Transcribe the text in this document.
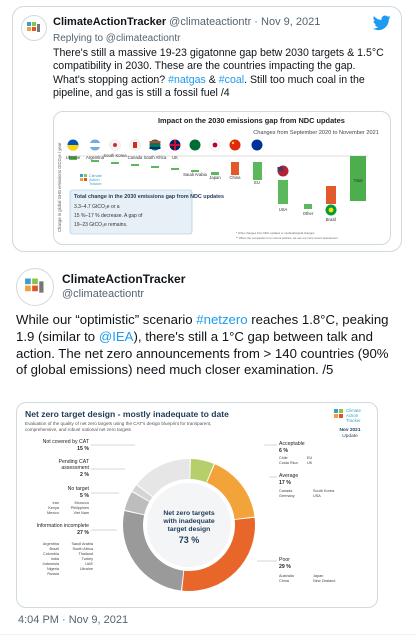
ClimateActionTracker @climateactiontr · Nov 9, 2021
Replying to @climateactiontr
There's still a massive 19-23 gigatonne gap betw 2030 targets & 1.5°C
compatibility in 2030. These are the countries impacting the gap.
What's stopping action? #natgas & #coal. Still too much coal in the
pipeline, and gas is still a fossil fuel /4
Impact on the 2030 emissions gap from NDC updates
Changes from September 2020 to November 2021
Change in global GHG emissions GtCO₂e / year Ukraine Argentina South Korea Canada South Africa UK
Saudi Arabia
Japan China
EU
USA
Other
Brazil
Total
Climate
Action
Tracker
Total change in the 2030 emissions gap from NDC updates
3.3–4.7 GtCO₂e or a
15 %–17 % decrease. A gap of
19–23 GtCO₂e remains.
* Other changes from NDC updates or methodological changes
** When the comparator is to current policies, we use our most recent assessment
ClimateActionTracker
@climateactiontr
While our “optimistic” scenario #netzero reaches 1.8°C, peaking 1.9 (similar to @IEA), there's still a 1°C gap between talk and action. The net zero announcements from > 140 countries (90% of global emissions) need much closer examination. /5
Net zero target design - mostly inadequate to date
Evaluation of the quality of net zero targets using the CAT's design blueprint for transparent,
comprehensive, and robust national net zero targets
Climate
Action
Tracker
Nov 2021
Update
Net zero targets
with inadequate
target design
73 %
Acceptable
6 %
Chile	EU
Costa Rica UK
Average
17 %
Canada	South Korea
Germany	USA
Poor
29 %
Australia	Japan
China	New Zealand
Not covered by CAT
15 %
Pending CAT
assessment
2 %
No target
5 %
Iran	Morocco
Kenya	Philippines
Mexico	Viet Nam
Information incomplete
27 %
Argentina	Saudi Arabia
Brazil	South Africa
Colombia	Thailand
India	Turkey
Indonesia	UAE
Nigeria	Ukraine
Russia
4:04 PM · Nov 9, 2021
